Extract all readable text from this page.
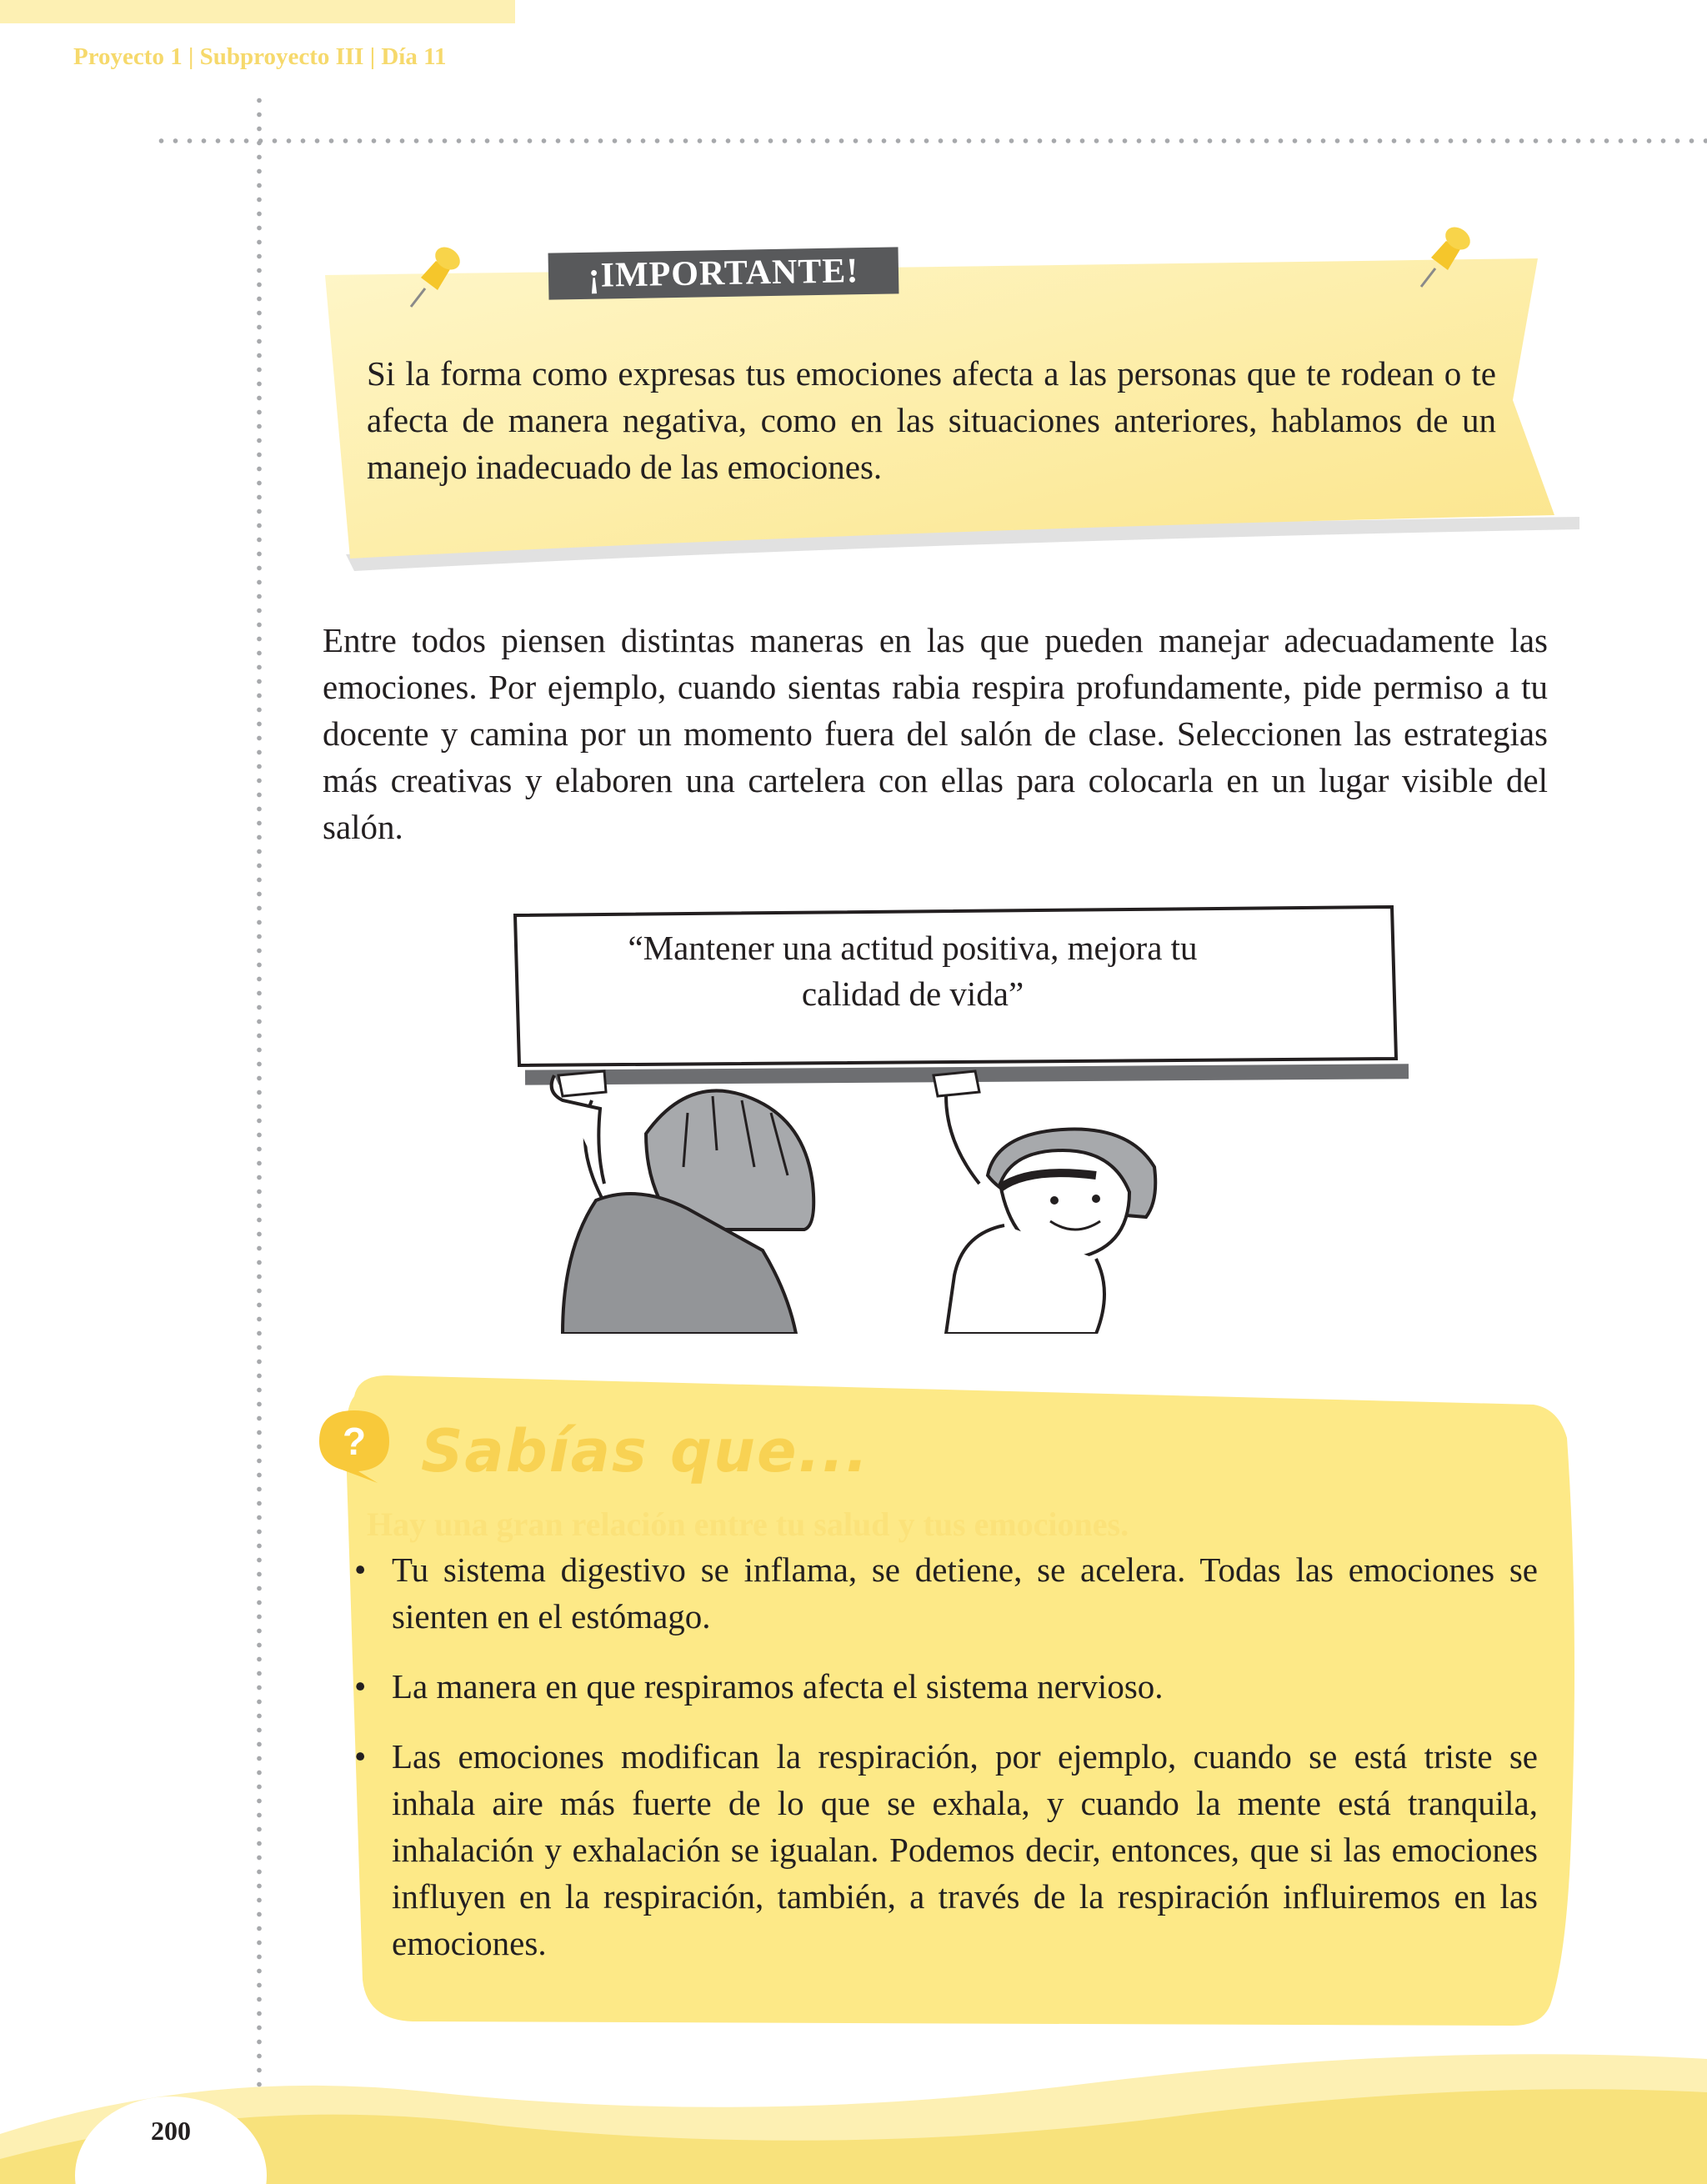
Proyecto 1 | Subproyecto III | Día 11
¡IMPORTANTE!
Si la forma como expresas tus emociones afecta a las personas que te rodean o te afecta de manera negativa, como en las situaciones anteriores, hablamos de un manejo inadecuado de las emociones.

Entre todos piensen distintas maneras en las que pueden manejar adecuadamente las emociones. Por ejemplo, cuando sientas rabia respira profundamente, pide permiso a tu docente y camina por un momento fuera del salón de clase. Seleccionen las estrategias más creativas y elaboren una cartelera con ellas para colocarla en un lugar visible del salón.

“Mantener una actitud positiva, mejora tu
calidad de vida”
? Sabías que...
Hay una gran relación entre tu salud y tus emociones.
• Tu sistema digestivo se inflama, se detiene, se acelera. Todas las emociones se sienten en el estómago.
• La manera en que respiramos afecta el sistema nervioso.
• Las emociones modifican la respiración, por ejemplo, cuando se está triste se inhala aire más fuerte de lo que se exhala, y cuando la mente está tranquila, inhalación y exhalación se igualan. Podemos decir, entonces, que si las emociones influyen en la respiración, también, a través de la respiración influiremos en las emociones.
200
